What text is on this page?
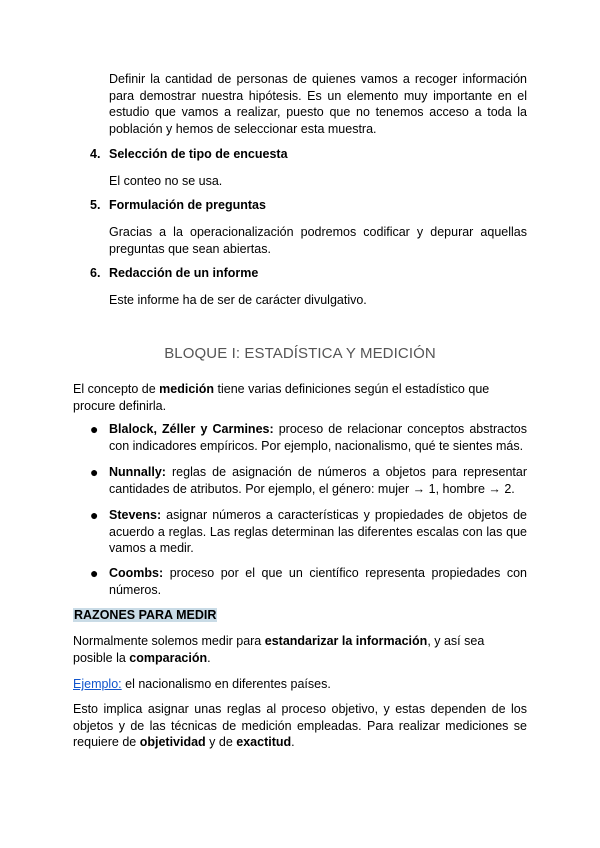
Definir la cantidad de personas de quienes vamos a recoger información para demostrar nuestra hipótesis. Es un elemento muy importante en el estudio que vamos a realizar, puesto que no tenemos acceso a toda la población y hemos de seleccionar esta muestra.

4. Selección de tipo de encuesta

El conteo no se usa.

5. Formulación de preguntas

Gracias a la operacionalización podremos codificar y depurar aquellas preguntas que sean abiertas.

6. Redacción de un informe

Este informe ha de ser de carácter divulgativo.

BLOQUE I: ESTADÍSTICA Y MEDICIÓN

El concepto de medición tiene varias definiciones según el estadístico que procure definirla.

● Blalock, Zéller y Carmines: proceso de relacionar conceptos abstractos con indicadores empíricos. Por ejemplo, nacionalismo, qué te sientes más.

● Nunnally: reglas de asignación de números a objetos para representar cantidades de atributos. Por ejemplo, el género: mujer → 1, hombre → 2.

● Stevens: asignar números a características y propiedades de objetos de acuerdo a reglas. Las reglas determinan las diferentes escalas con las que vamos a medir.

● Coombs: proceso por el que un científico representa propiedades con números.

RAZONES PARA MEDIR

Normalmente solemos medir para estandarizar la información, y así sea posible la comparación.

Ejemplo: el nacionalismo en diferentes países.

Esto implica asignar unas reglas al proceso objetivo, y estas dependen de los objetos y de las técnicas de medición empleadas. Para realizar mediciones se requiere de objetividad y de exactitud.
